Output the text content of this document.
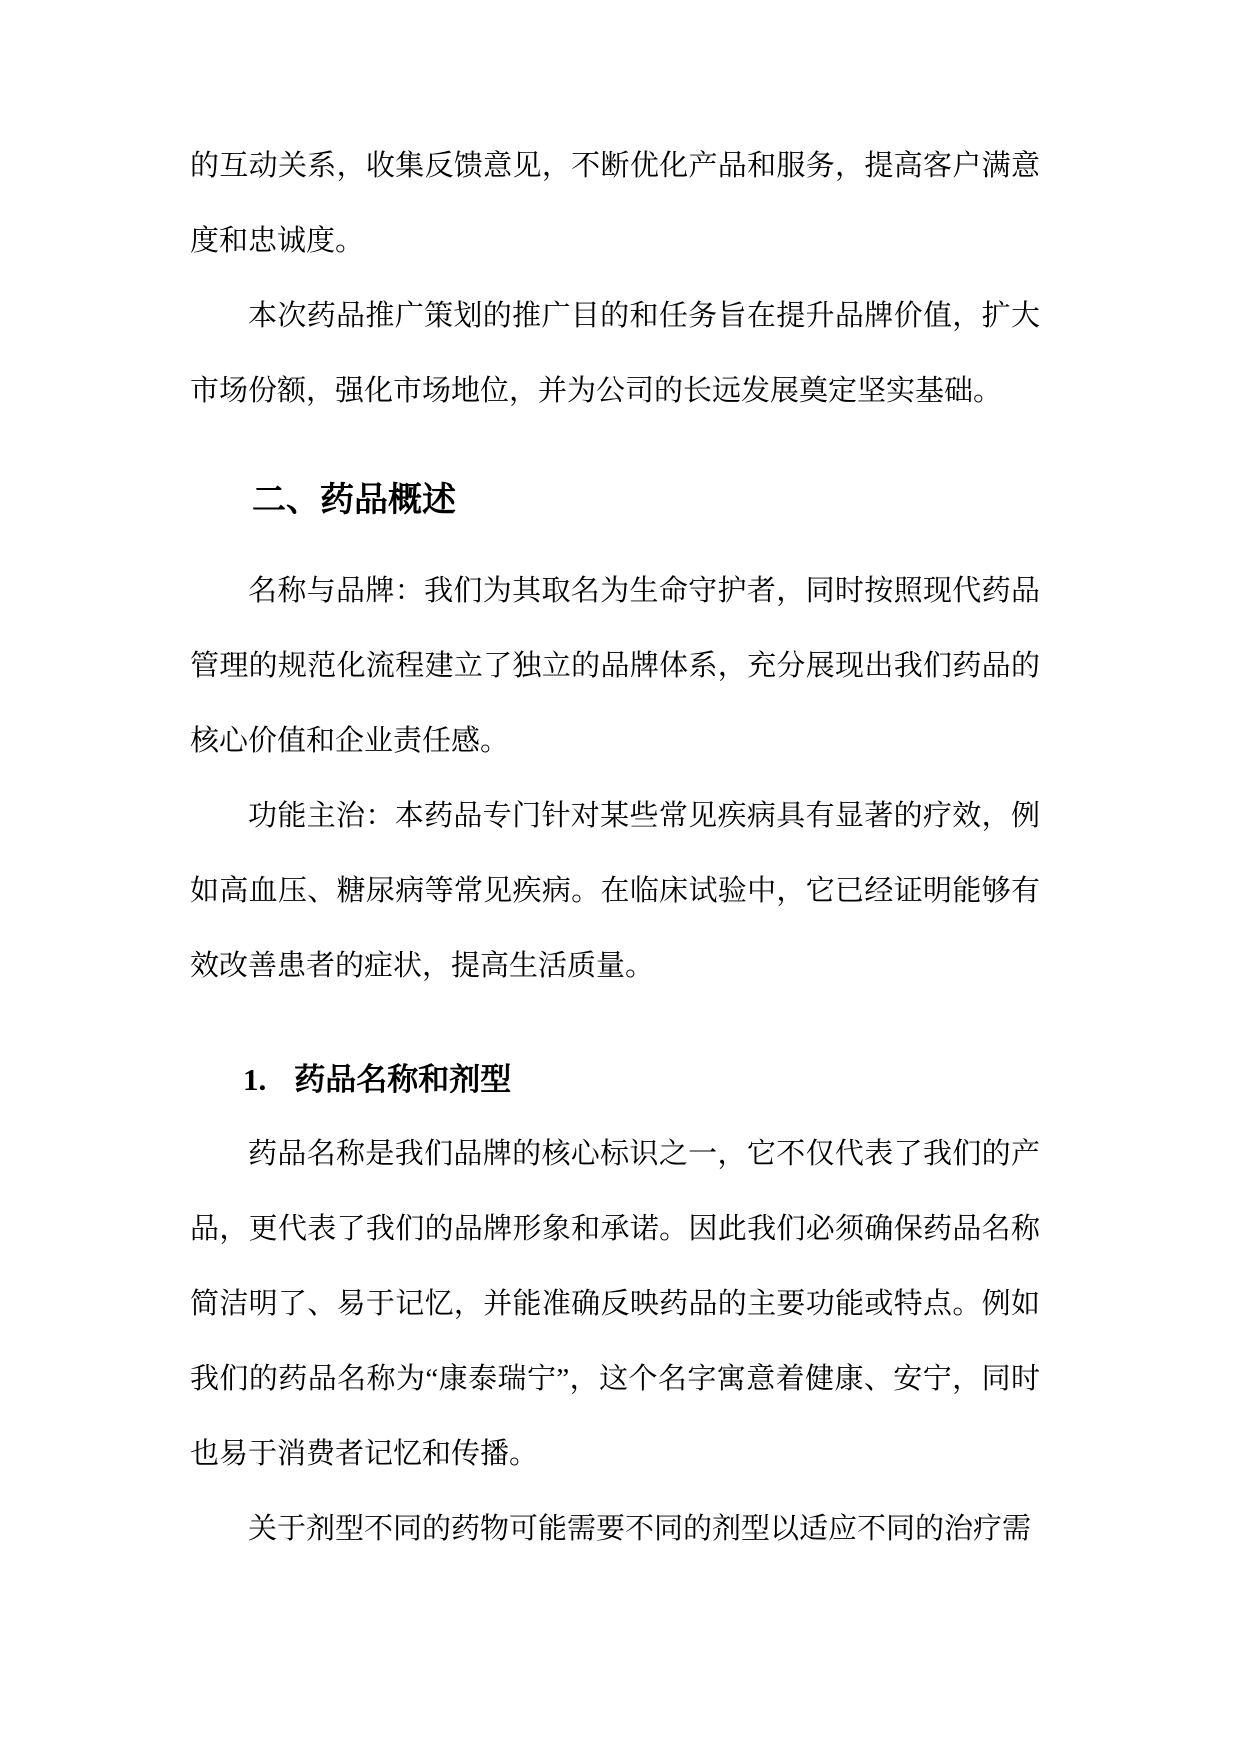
的互动关系，收集反馈意见，不断优化产品和服务，提高客户满意度和忠诚度。

本次药品推广策划的推广目的和任务旨在提升品牌价值，扩大市场份额，强化市场地位，并为公司的长远发展奠定坚实基础。

二、药品概述

名称与品牌：我们为其取名为生命守护者，同时按照现代药品管理的规范化流程建立了独立的品牌体系，充分展现出我们药品的核心价值和企业责任感。

功能主治：本药品专门针对某些常见疾病具有显著的疗效，例如高血压、糖尿病等常见疾病。在临床试验中，它已经证明能够有效改善患者的症状，提高生活质量。

1. 药品名称和剂型

药品名称是我们品牌的核心标识之一，它不仅代表了我们的产品，更代表了我们的品牌形象和承诺。因此我们必须确保药品名称简洁明了、易于记忆，并能准确反映药品的主要功能或特点。例如我们的药品名称为“康泰瑞宁”，这个名字寓意着健康、安宁，同时也易于消费者记忆和传播。

关于剂型不同的药物可能需要不同的剂型以适应不同的治疗需
